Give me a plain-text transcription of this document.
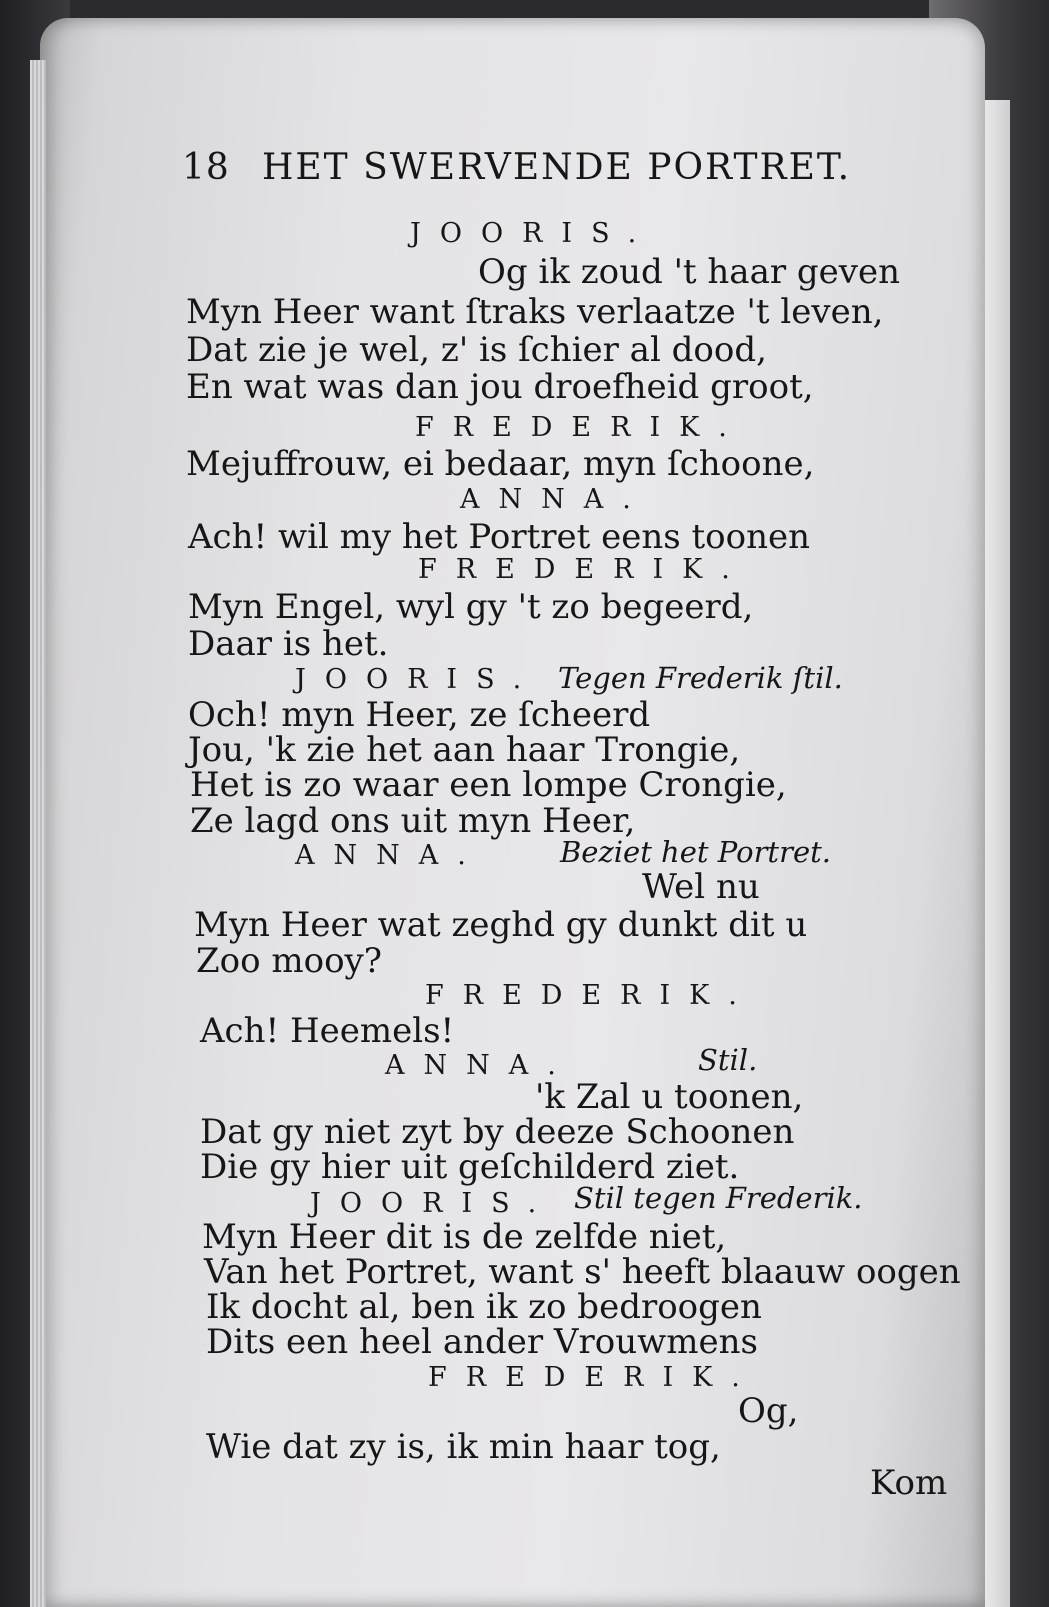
18 HET SWERVENDE PORTRET.
JOORIS.
Og ik zoud 't haar geven
Myn Heer want ſtraks verlaatze 't leven,
Dat zie je wel, z' is ſchier al dood,
En wat was dan jou droefheid groot,
FREDERIK.
Mejuffrouw, ei bedaar, myn ſchoone,
ANNA.
Ach! wil my het Portret eens toonen
FREDERIK.
Myn Engel, wyl gy 't zo begeerd,
Daar is het.
JOORIS. Tegen Frederik ſtil.
Och! myn Heer, ze ſcheerd
Jou, 'k zie het aan haar Trongie,
Het is zo waar een lompe Crongie,
Ze lagd ons uit myn Heer,
ANNA.	Beziet het Portret.
Wel nu
Myn Heer wat zeghd gy dunkt dit u
Zoo mooy?
FREDERIK.
Ach! Heemels!
ANNA.	Stil.
'k Zal u toonen,
Dat gy niet zyt by deeze Schoonen
Die gy hier uit geſchilderd ziet.
JOORIS. Stil tegen Frederik.
Myn Heer dit is de zelfde niet,
Van het Portret, want s' heeft blaauw oogen
Ik docht al, ben ik zo bedroogen
Dits een heel ander Vrouwmens
FREDERIK.
Og,
Wie dat zy is, ik min haar tog,
Kom
